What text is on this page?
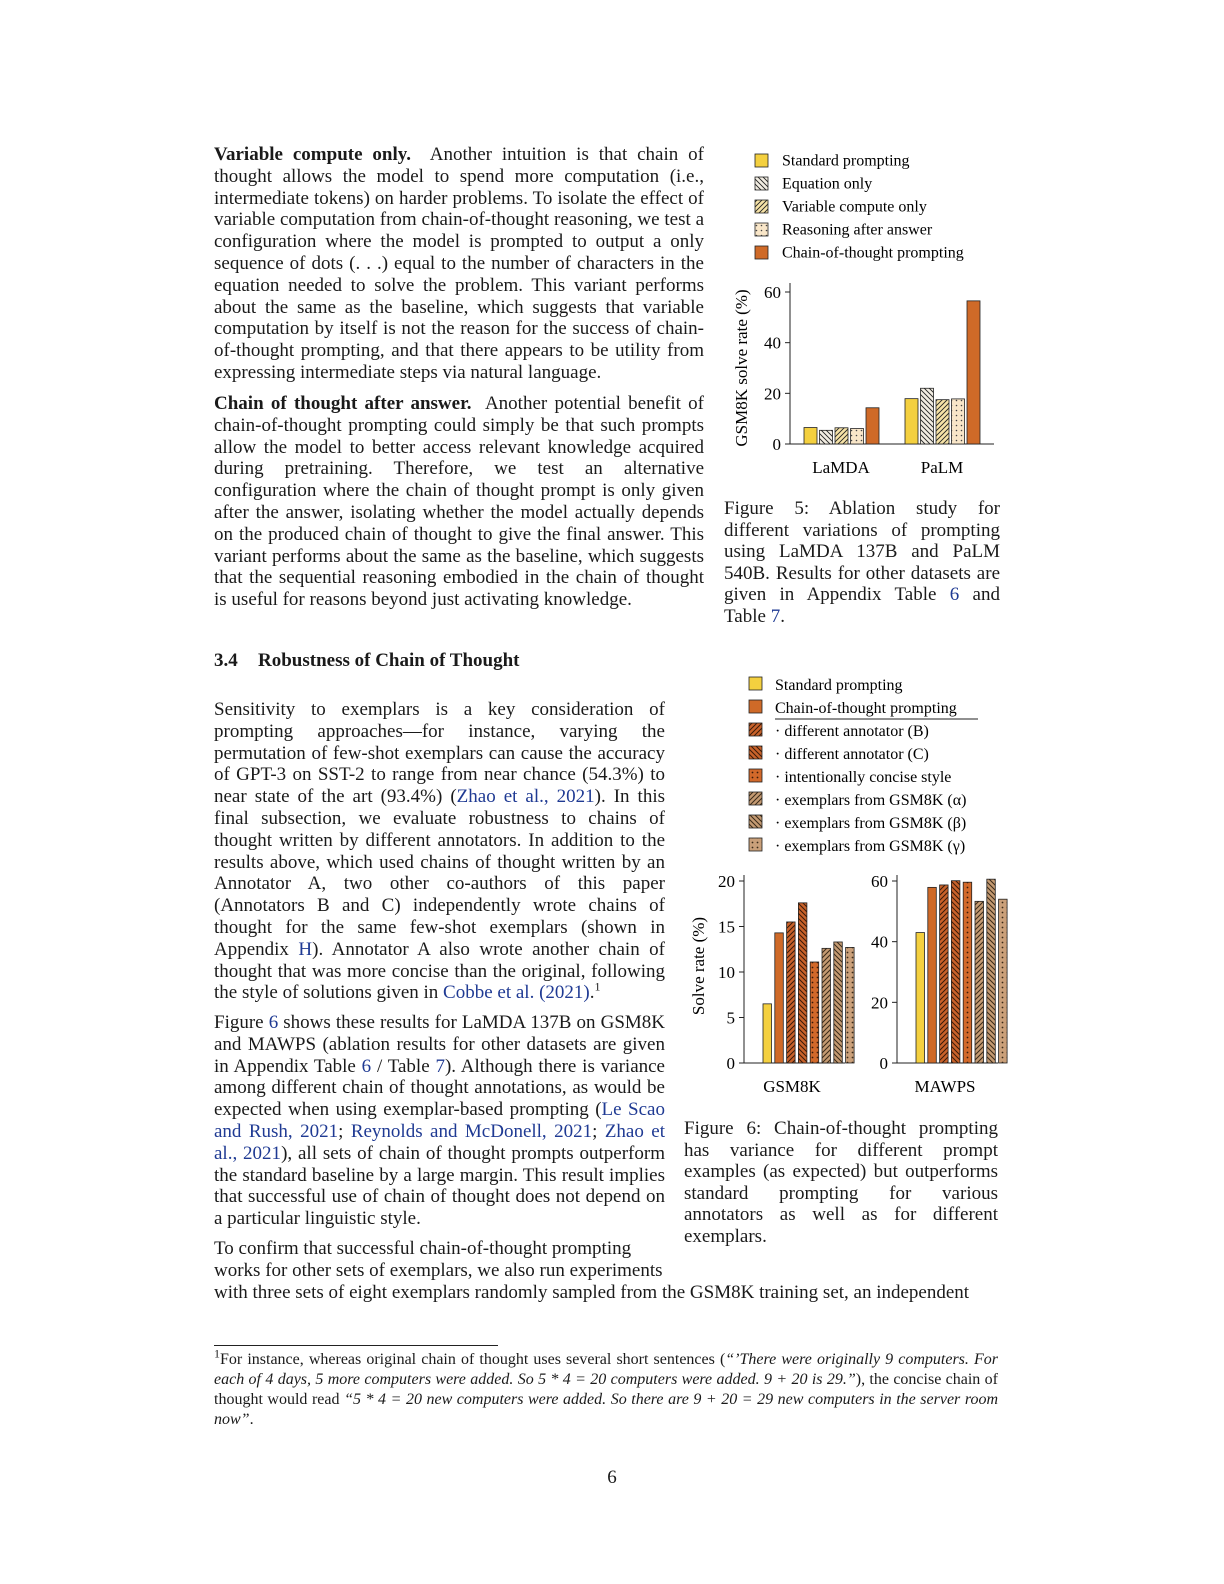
Variable compute only. Another intuition is that chain of thought allows the model to spend more computation (i.e., intermediate tokens) on harder problems. To isolate the effect of variable computation from chain-of-thought reasoning, we test a configuration where the model is prompted to output a only sequence of dots (. . .) equal to the number of characters in the equation needed to solve the problem. This variant performs about the same as the baseline, which suggests that variable computation by itself is not the reason for the success of chain-of-thought prompting, and that there appears to be utility from expressing intermediate steps via natural language.

Chain of thought after answer. Another potential benefit of chain-of-thought prompting could simply be that such prompts allow the model to better access relevant knowledge acquired during pretraining. Therefore, we test an alternative configuration where the chain of thought prompt is only given after the answer, isolating whether the model actually depends on the produced chain of thought to give the final answer. This variant performs about the same as the baseline, which suggests that the sequential reasoning embodied in the chain of thought is useful for reasons beyond just activating knowledge.

Standard prompting
Equation only
Variable compute only
Reasoning after answer
Chain-of-thought prompting
GSM8K solve rate (%) 0
20
40
60
LaMDA	PaLM

Figure 5: Ablation study for different variations of prompting using LaMDA 137B and PaLM 540B. Results for other datasets are given in Appendix Table 6 and Table 7.

3.4 Robustness of Chain of Thought

Sensitivity to exemplars is a key consideration of prompting approaches—for instance, varying the permutation of few-shot exemplars can cause the accuracy of GPT-3 on SST-2 to range from near chance (54.3%) to near state of the art (93.4%) (Zhao et al., 2021). In this final subsection, we evaluate robustness to chains of thought written by different annotators. In addition to the results above, which used chains of thought written by an Annotator A, two other co-authors of this paper (Annotators B and C) independently wrote chains of thought for the same few-shot exemplars (shown in Appendix H). Annotator A also wrote another chain of thought that was more concise than the original, following the style of solutions given in Cobbe et al. (2021).$^1$

Figure 6 shows these results for LaMDA 137B on GSM8K and MAWPS (ablation results for other datasets are given in Appendix Table 6 / Table 7). Although there is variance among different chain of thought annotations, as would be expected when using exemplar-based prompting (Le Scao and Rush, 2021; Reynolds and McDonell, 2021; Zhao et al., 2021), all sets of chain of thought prompts outperform the standard baseline by a large margin. This result implies that successful use of chain of thought does not depend on a particular linguistic style.

To confirm that successful chain-of-thought prompting
works for other sets of exemplars, we also run experiments
with three sets of eight exemplars randomly sampled from the GSM8K training set, an independent
Standard prompting
Chain-of-thought prompting
· different annotator (B)
· different annotator (C)
· intentionally concise style
· exemplars from GSM8K (α)
· exemplars from GSM8K (β)
· exemplars from GSM8K (γ)
Solve rate (%)
0
5
10
15
20
GSM8K
0
20
40
60
MAWPS

Figure 6: Chain-of-thought prompting has variance for different prompt examples (as expected) but outperforms standard prompting for various annotators as well as for different exemplars.

$^1$For instance, whereas original chain of thought uses several short sentences (“’There were originally 9 computers. For each of 4 days, 5 more computers were added. So 5 * 4 = 20 computers were added. 9 + 20 is 29.”), the concise chain of thought would read “5 * 4 = 20 new computers were added. So there are 9 + 20 = 29 new computers in the server room now”.

6
